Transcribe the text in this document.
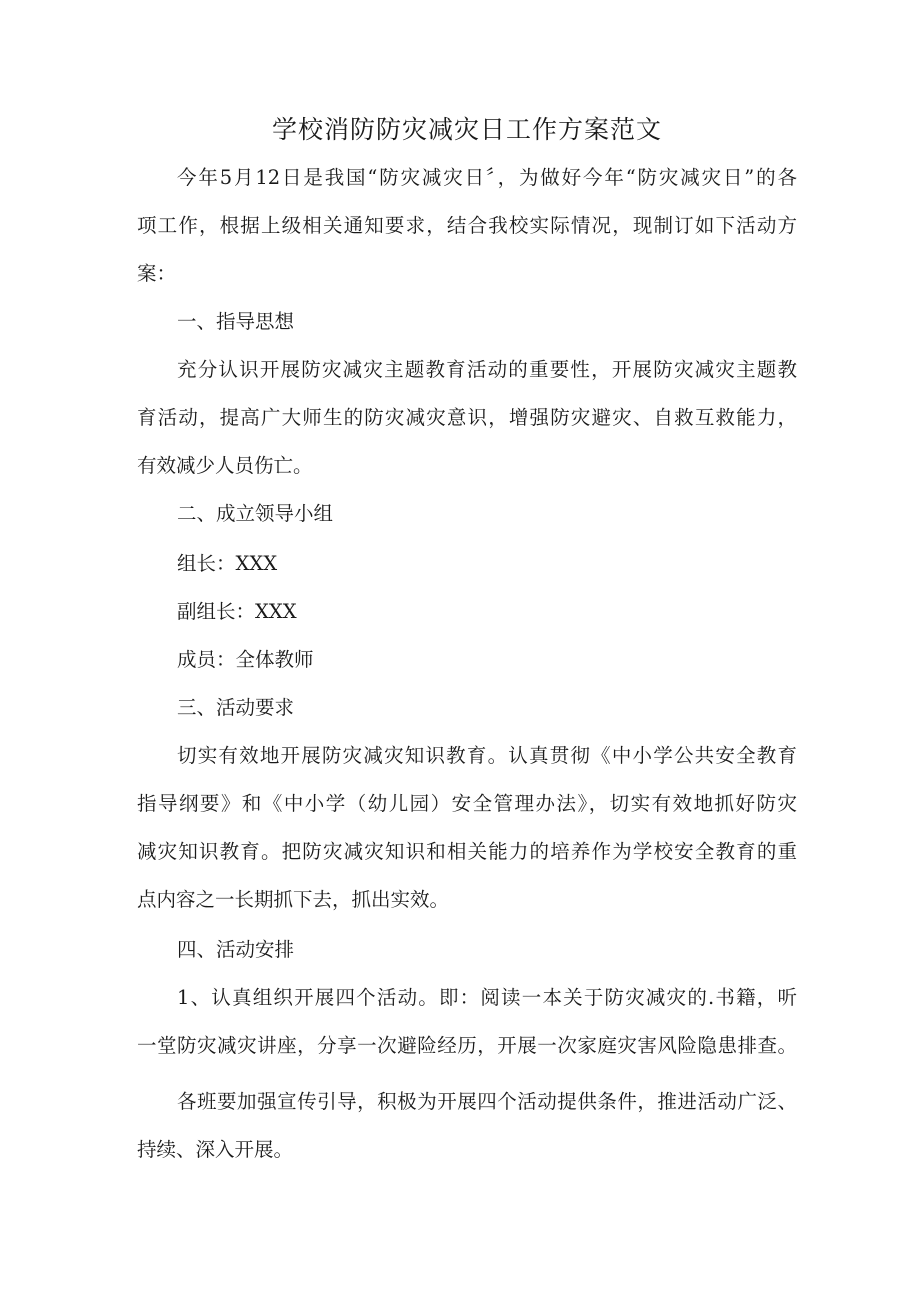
学校消防防灾减灾日工作方案范文
今年5月12日是我国“防灾减灾日〞，为做好今年“防灾减灾日”的各
项工作，根据上级相关通知要求，结合我校实际情况，现制订如下活动方
案：

一、指导思想

充分认识开展防灾减灾主题教育活动的重要性，开展防灾减灾主题教
育活动，提高广大师生的防灾减灾意识，增强防灾避灾、自救互救能力，
有效减少人员伤亡。

二、成立领导小组

组长：XXX

副组长：XXX

成员：全体教师

三、活动要求

切实有效地开展防灾减灾知识教育。认真贯彻《中小学公共安全教育
指导纲要》和《中小学（幼儿园）安全管理办法》，切实有效地抓好防灾
减灾知识教育。把防灾减灾知识和相关能力的培养作为学校安全教育的重
点内容之一长期抓下去，抓出实效。

四、活动安排

1、认真组织开展四个活动。即：阅读一本关于防灾减灾的.书籍，听
一堂防灾减灾讲座，分享一次避险经历，开展一次家庭灾害风险隐患排查。
各班要加强宣传引导，积极为开展四个活动提供条件，推进活动广泛、
持续、深入开展。
